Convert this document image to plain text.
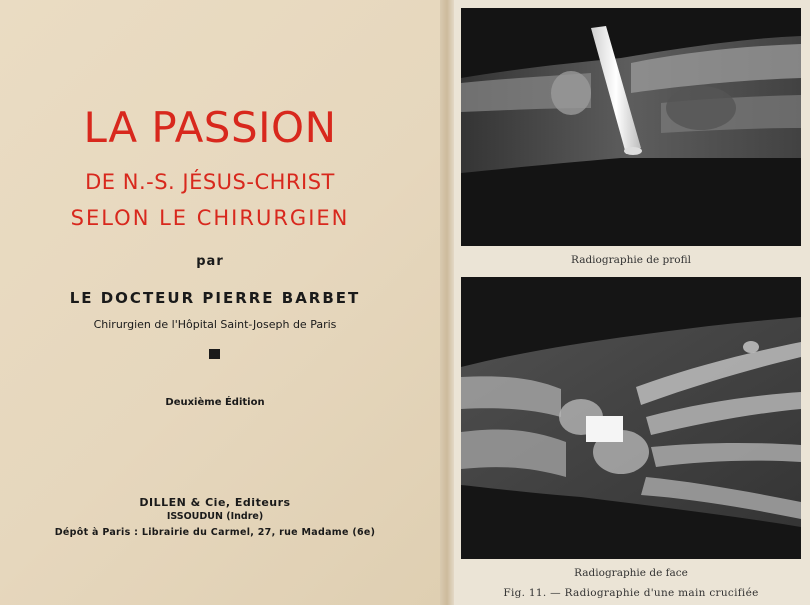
LA PASSION
DE N.-S. JÉSUS-CHRIST
SELON LE CHIRURGIEN
par
LE DOCTEUR PIERRE BARBET
Chirurgien de l'Hôpital Saint-Joseph de Paris
Deuxième Édition
DILLEN & Cie, Editeurs
ISSOUDUN (Indre)
Dépôt à Paris : Librairie du Carmel, 27, rue Madame (6e)
Radiographie de profil
Radiographie de face
Fig. 11. — Radiographie d'une main crucifiée
